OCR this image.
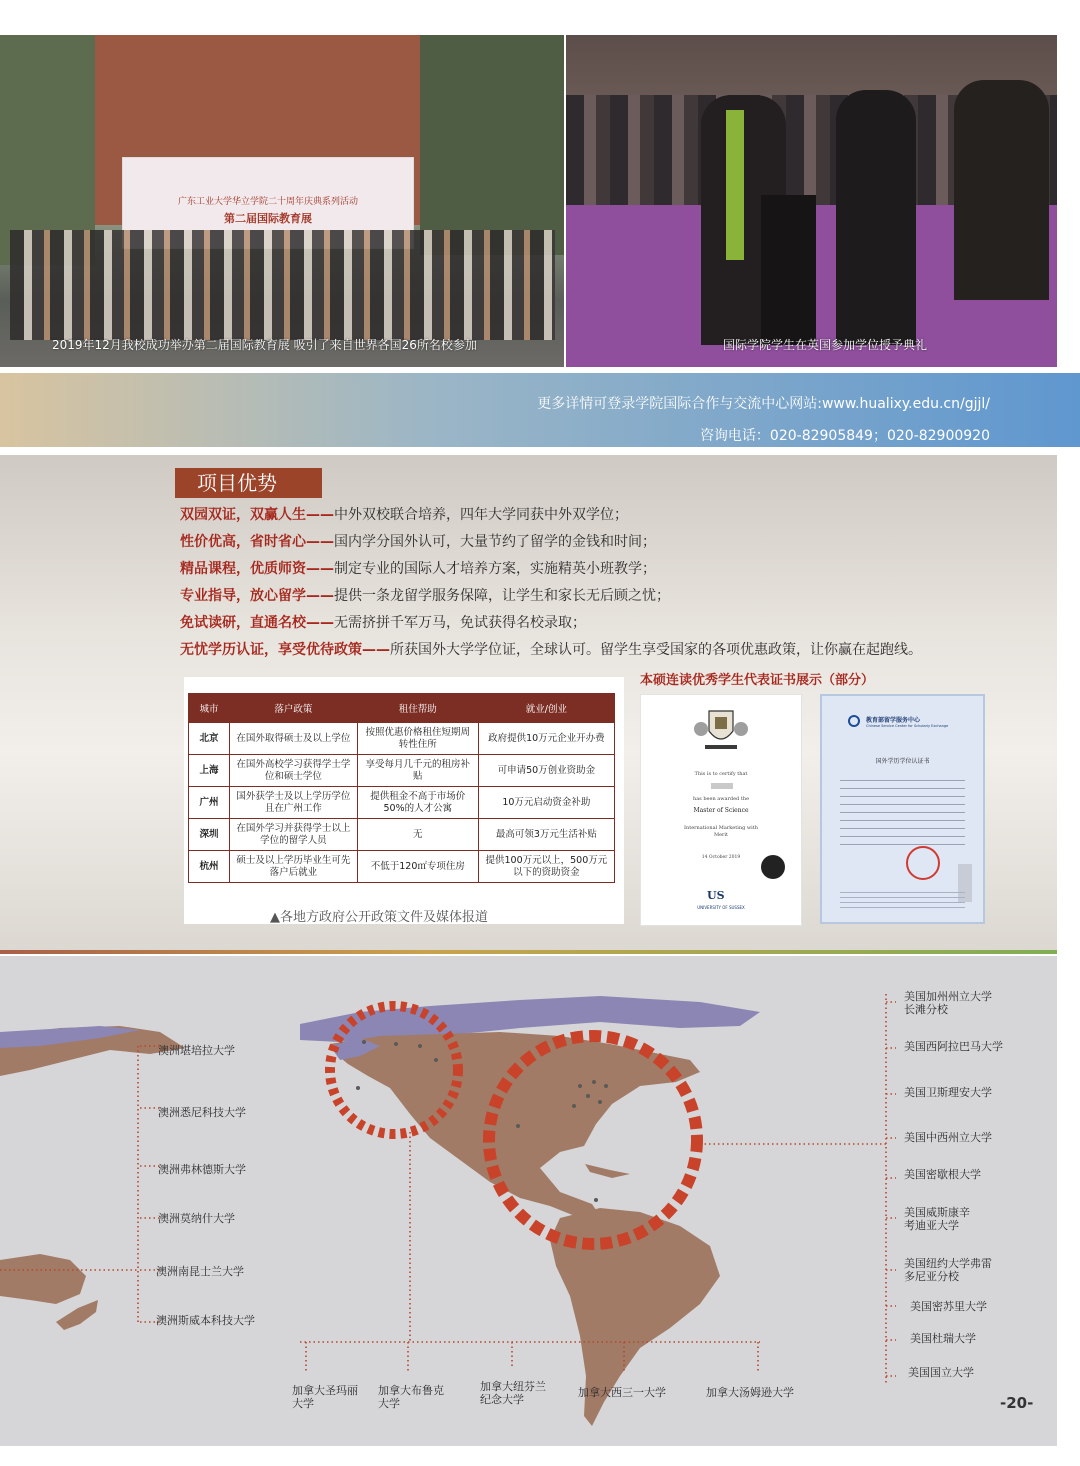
广东工业大学华立学院二十周年庆典系列活动
第二届国际教育展
2019年12月我校成功举办第二届国际教育展 吸引了来自世界各国26所名校参加	国际学院学生在英国参加学位授予典礼
更多详情可登录学院国际合作与交流中心网站:www.hualixy.edu.cn/gjjl/
咨询电话：020-82905849；020-82900920
项目优势
双园双证，双赢人生——中外双校联合培养，四年大学同获中外双学位；
性价优高，省时省心——国内学分国外认可，大量节约了留学的金钱和时间；
精品课程，优质师资——制定专业的国际人才培养方案，实施精英小班教学；
专业指导，放心留学——提供一条龙留学服务保障，让学生和家长无后顾之忧；
免试读研，直通名校——无需挤拼千军万马，免试获得名校录取；
无忧学历认证，享受优待政策——所获国外大学学位证，全球认可。留学生享受国家的各项优惠政策，让你赢在起跑线。
城市	落户政策	租住帮助	就业/创业
北京	在国外取得硕士及以上学位	按照优惠价格租住短期周转性住所	政府提供10万元企业开办费
上海	在国外高校学习获得学士学位和硕士学位	享受每月几千元的租房补贴	可申请50万创业资助金
广州	国外获学士及以上学历学位且在广州工作	提供租金不高于市场价50%的人才公寓	10万元启动资金补助
深圳	在国外学习并获得学士以上学位的留学人员	无	最高可领3万元生活补贴
杭州	硕士及以上学历毕业生可先落户后就业	不低于120㎡专项住房	提供100万元以上，500万元以下的资助资金
▲各地方政府公开政策文件及媒体报道
本硕连读优秀学生代表证书展示（部分）
This is to certify that
has been awarded the
Master of Science
International Marketing with Merit
14 October 2019
US
UNIVERSITY OF SUSSEX
教育部留学服务中心
Chinese Service Center for Scholarly Exchange
国外学历学位认证书
澳洲堪培拉大学
澳洲悉尼科技大学
澳洲弗林德斯大学
澳洲莫纳什大学
澳洲南昆士兰大学
澳洲斯威本科技大学
加拿大圣玛丽大学
加拿大布鲁克大学
加拿大纽芬兰纪念大学
加拿大西三一大学	加拿大汤姆逊大学
美国加州州立大学长滩分校
美国西阿拉巴马大学
美国卫斯理安大学
美国中西州立大学
美国密歇根大学
美国威斯康辛考迪亚大学
美国纽约大学弗雷多尼亚分校
美国密苏里大学
美国杜瑞大学
美国国立大学
-20-
